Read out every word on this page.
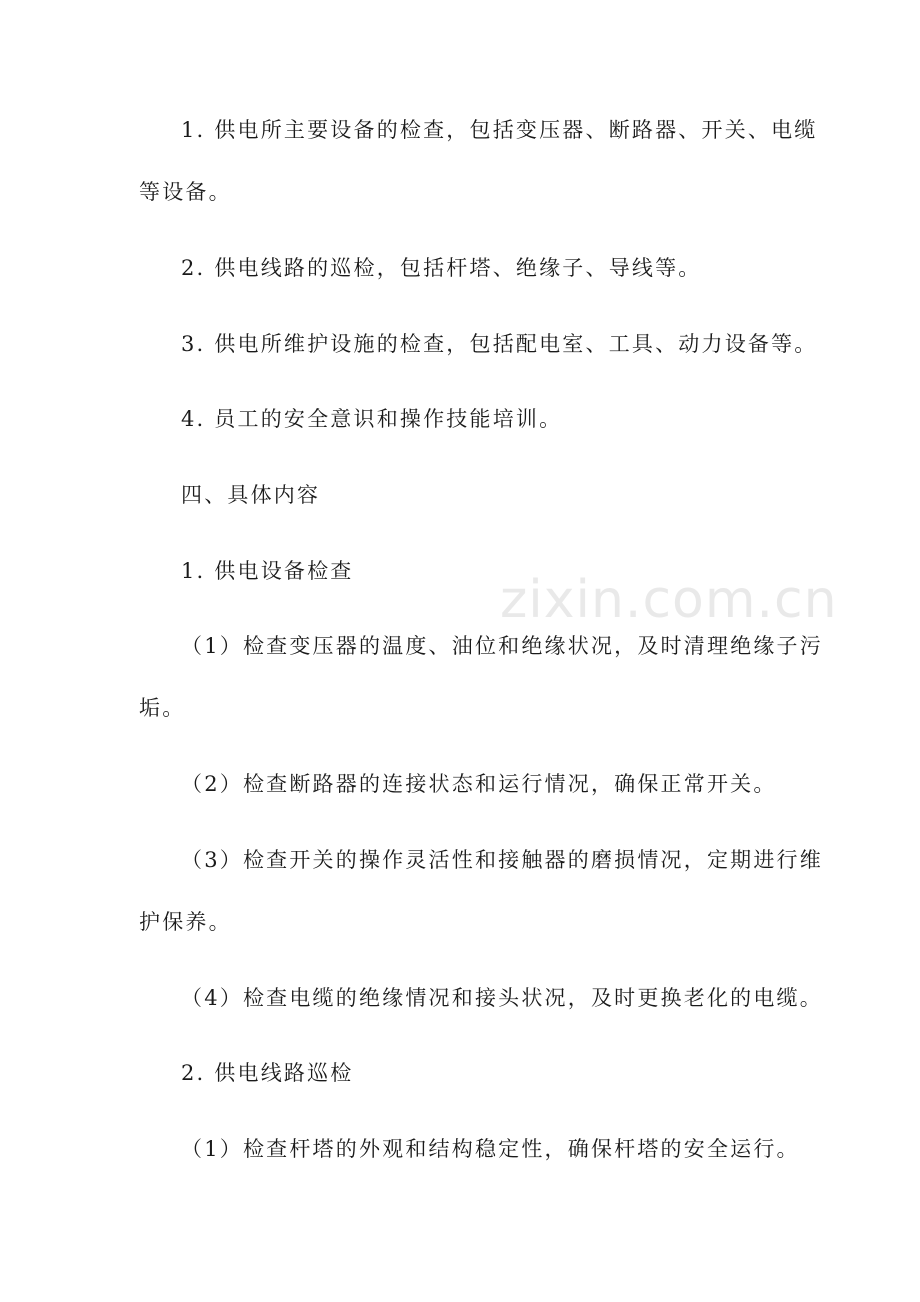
zixin.com.cn
1. 供电所主要设备的检查，包括变压器、断路器、开关、电缆
等设备。
2. 供电线路的巡检，包括杆塔、绝缘子、导线等。
3. 供电所维护设施的检查，包括配电室、工具、动力设备等。
4. 员工的安全意识和操作技能培训。
四、具体内容
1. 供电设备检查
（1）检查变压器的温度、油位和绝缘状况，及时清理绝缘子污
垢。
（2）检查断路器的连接状态和运行情况，确保正常开关。
（3）检查开关的操作灵活性和接触器的磨损情况，定期进行维
护保养。
（4）检查电缆的绝缘情况和接头状况，及时更换老化的电缆。
2. 供电线路巡检
（1）检查杆塔的外观和结构稳定性，确保杆塔的安全运行。
